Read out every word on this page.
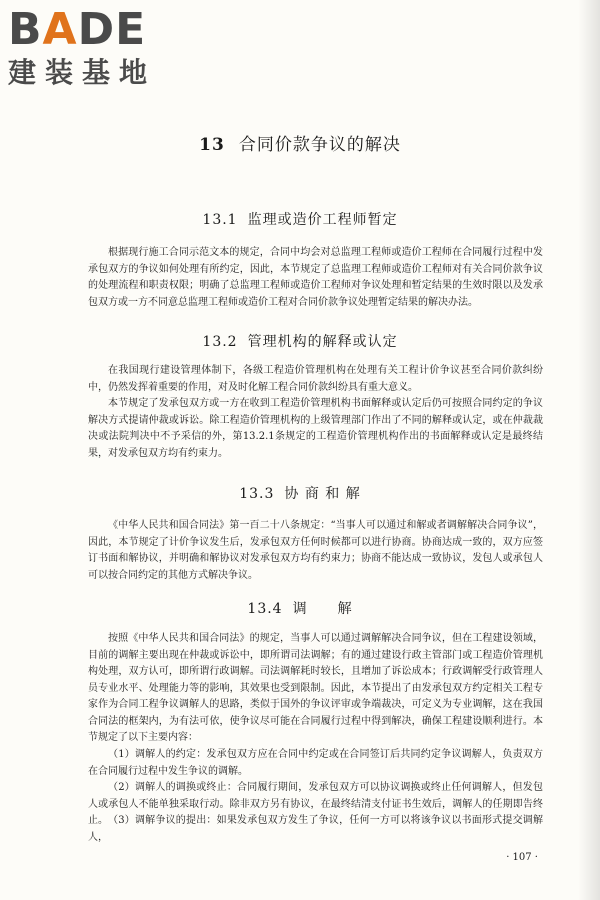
BADE
建装基地
13 合同价款争议的解决
13.1 监理或造价工程师暂定

根据现行施工合同示范文本的规定，合同中均会对总监理工程师或造价工程师在合同履行过程中发承包双方的争议如何处理有所约定，因此，本节规定了总监理工程师或造价工程师对有关合同价款争议的处理流程和职责权限；明确了总监理工程师或造价工程师对争议处理和暂定结果的生效时限以及发承包双方或一方不同意总监理工程师或造价工程对合同价款争议处理暂定结果的解决办法。

13.2 管理机构的解释或认定

在我国现行建设管理体制下，各级工程造价管理机构在处理有关工程计价争议甚至合同价款纠纷中，仍然发挥着重要的作用，对及时化解工程合同价款纠纷具有重大意义。

本节规定了发承包双方或一方在收到工程造价管理机构书面解释或认定后仍可按照合同约定的争议解决方式提请仲裁或诉讼。除工程造价管理机构的上级管理部门作出了不同的解释或认定，或在仲裁裁决或法院判决中不予采信的外，第13.2.1条规定的工程造价管理机构作出的书面解释或认定是最终结果，对发承包双方均有约束力。

13.3 协 商 和 解

《中华人民共和国合同法》第一百二十八条规定：“当事人可以通过和解或者调解解决合同争议”，因此，本节规定了计价争议发生后，发承包双方任何时候都可以进行协商。协商达成一致的，双方应签订书面和解协议，并明确和解协议对发承包双方均有约束力；协商不能达成一致协议，发包人或承包人可以按合同约定的其他方式解决争议。

13.4 调　　解

按照《中华人民共和国合同法》的规定，当事人可以通过调解解决合同争议，但在工程建设领域，目前的调解主要出现在仲裁或诉讼中，即所谓司法调解；有的通过建设行政主管部门或工程造价管理机构处理，双方认可，即所谓行政调解。司法调解耗时较长，且增加了诉讼成本；行政调解受行政管理人员专业水平、处理能力等的影响，其效果也受到限制。因此，本节提出了由发承包双方约定相关工程专家作为合同工程争议调解人的思路，类似于国外的争议评审或争端裁决，可定义为专业调解，这在我国合同法的框架内，为有法可依，使争议尽可能在合同履行过程中得到解决，确保工程建设顺利进行。本节规定了以下主要内容：

（1）调解人的约定：发承包双方应在合同中约定或在合同签订后共同约定争议调解人，负责双方在合同履行过程中发生争议的调解。

（2）调解人的调换或终止：合同履行期间，发承包双方可以协议调换或终止任何调解人，但发包人或承包人不能单独采取行动。除非双方另有协议，在最终结清支付证书生效后，调解人的任期即告终止。 （3）调解争议的提出：如果发承包双方发生了争议，任何一方可以将该争议以书面形式提交调解人，

· 107 ·
